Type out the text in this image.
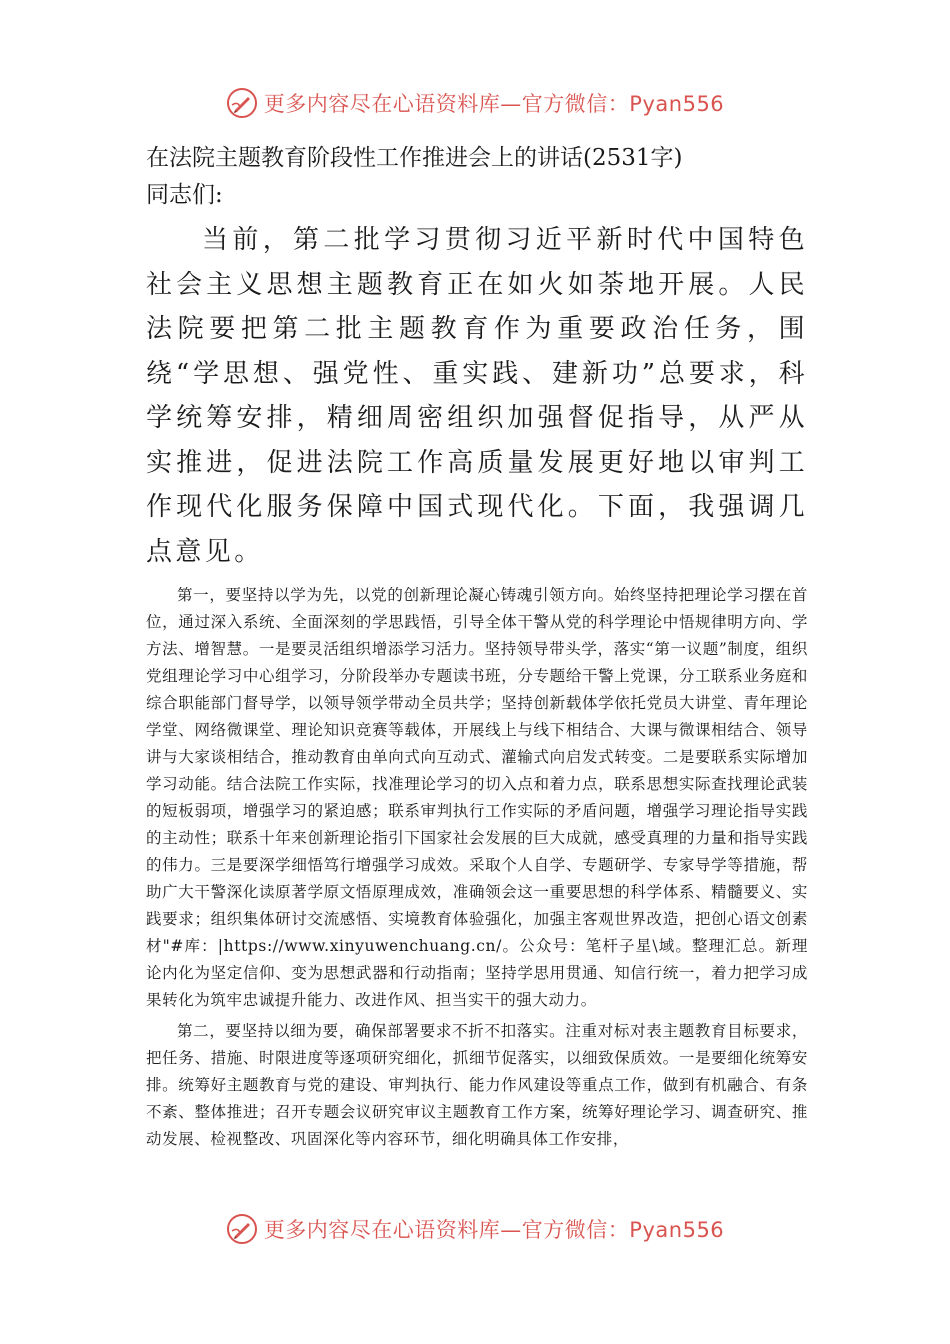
更多内容尽在心语资料库—官方微信：Pyan556
在法院主题教育阶段性工作推进会上的讲话(2531字)

同志们:

当前，第二批学习贯彻习近平新时代中国特色社会主义思想主题教育正在如火如荼地开展。人民法院要把第二批主题教育作为重要政治任务，围绕“学思想、强党性、重实践、建新功”总要求，科学统筹安排，精细周密组织加强督促指导，从严从实推进，促进法院工作高质量发展更好地以审判工作现代化服务保障中国式现代化。下面，我强调几点意见。

第一，要坚持以学为先，以党的创新理论凝心铸魂引领方向。始终坚持把理论学习摆在首位，通过深入系统、全面深刻的学思践悟，引导全体干警从党的科学理论中悟规律明方向、学方法、增智慧。一是要灵活组织增添学习活力。坚持领导带头学，落实“第一议题”制度，组织党组理论学习中心组学习，分阶段举办专题读书班，分专题给干警上党课，分工联系业务庭和综合职能部门督导学，以领导领学带动全员共学；坚持创新载体学依托党员大讲堂、青年理论学堂、网络微课堂、理论知识竞赛等载体，开展线上与线下相结合、大课与微课相结合、领导讲与大家谈相结合，推动教育由单向式向互动式、灌输式向启发式转变。二是要联系实际增加学习动能。结合法院工作实际，找准理论学习的切入点和着力点，联系思想实际查找理论武装的短板弱项，增强学习的紧迫感；联系审判执行工作实际的矛盾问题，增强学习理论指导实践的主动性；联系十年来创新理论指引下国家社会发展的巨大成就，感受真理的力量和指导实践的伟力。三是要深学细悟笃行增强学习成效。采取个人自学、专题研学、专家导学等措施，帮助广大干警深化读原著学原文悟原理成效，准确领会这一重要思想的科学体系、精髓要义、实践要求；组织集体研讨交流感悟、实境教育体验强化，加强主客观世界改造，把创心语文创素材"#库：|https://www.xinyuwenchuang.cn/。公众号：笔杆子星\域。整理汇总。新理论内化为坚定信仰、变为思想武器和行动指南；坚持学思用贯通、知信行统一，着力把学习成果转化为筑牢忠诚提升能力、改进作风、担当实干的强大动力。

第二，要坚持以细为要，确保部署要求不折不扣落实。注重对标对表主题教育目标要求，把任务、措施、时限进度等逐项研究细化，抓细节促落实，以细致保质效。一是要细化统筹安排。统筹好主题教育与党的建设、审判执行、能力作风建设等重点工作，做到有机融合、有条不紊、整体推进；召开专题会议研究审议主题教育工作方案，统筹好理论学习、调查研究、推动发展、检视整改、巩固深化等内容环节，细化明确具体工作安排，

更多内容尽在心语资料库—官方微信：Pyan556
